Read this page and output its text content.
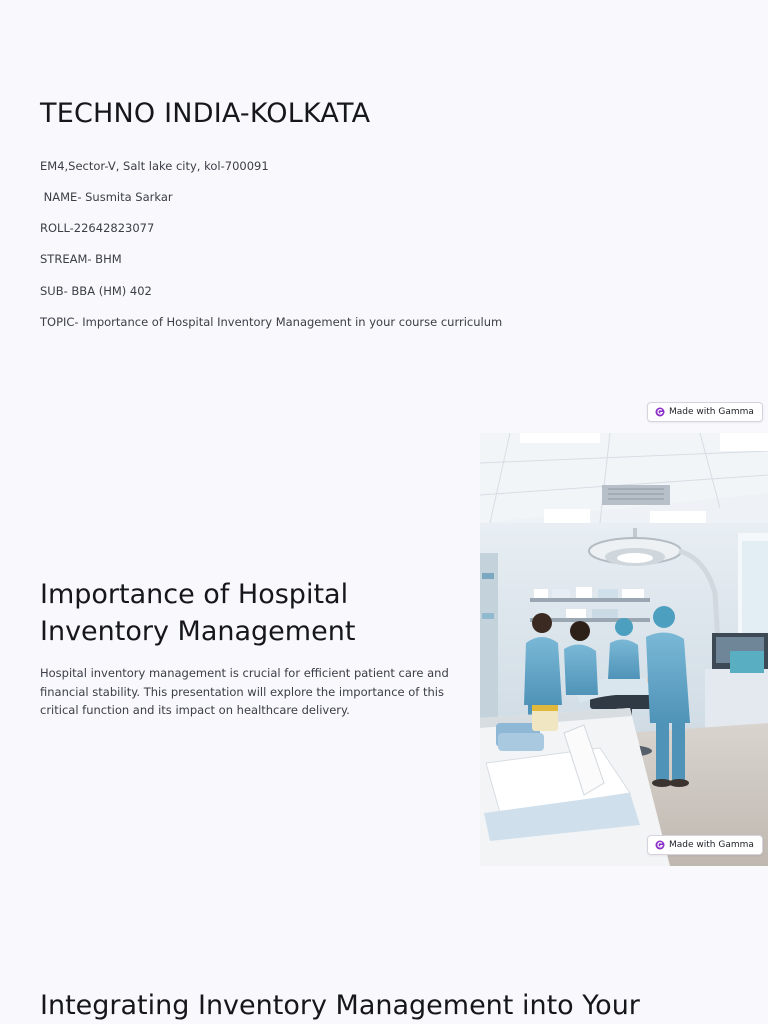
TECHNO INDIA-KOLKATA

EM4,Sector-V, Salt lake city, kol-700091

NAME- Susmita Sarkar

ROLL-22642823077

STREAM- BHM

SUB- BBA (HM) 402

TOPIC- Importance of Hospital Inventory Management in your course curriculum

Made with Gamma
Importance of Hospital Inventory Management

Hospital inventory management is crucial for efficient patient care and financial stability. This presentation will explore the importance of this critical function and its impact on healthcare delivery.

Made with Gamma
Integrating Inventory Management into Your
